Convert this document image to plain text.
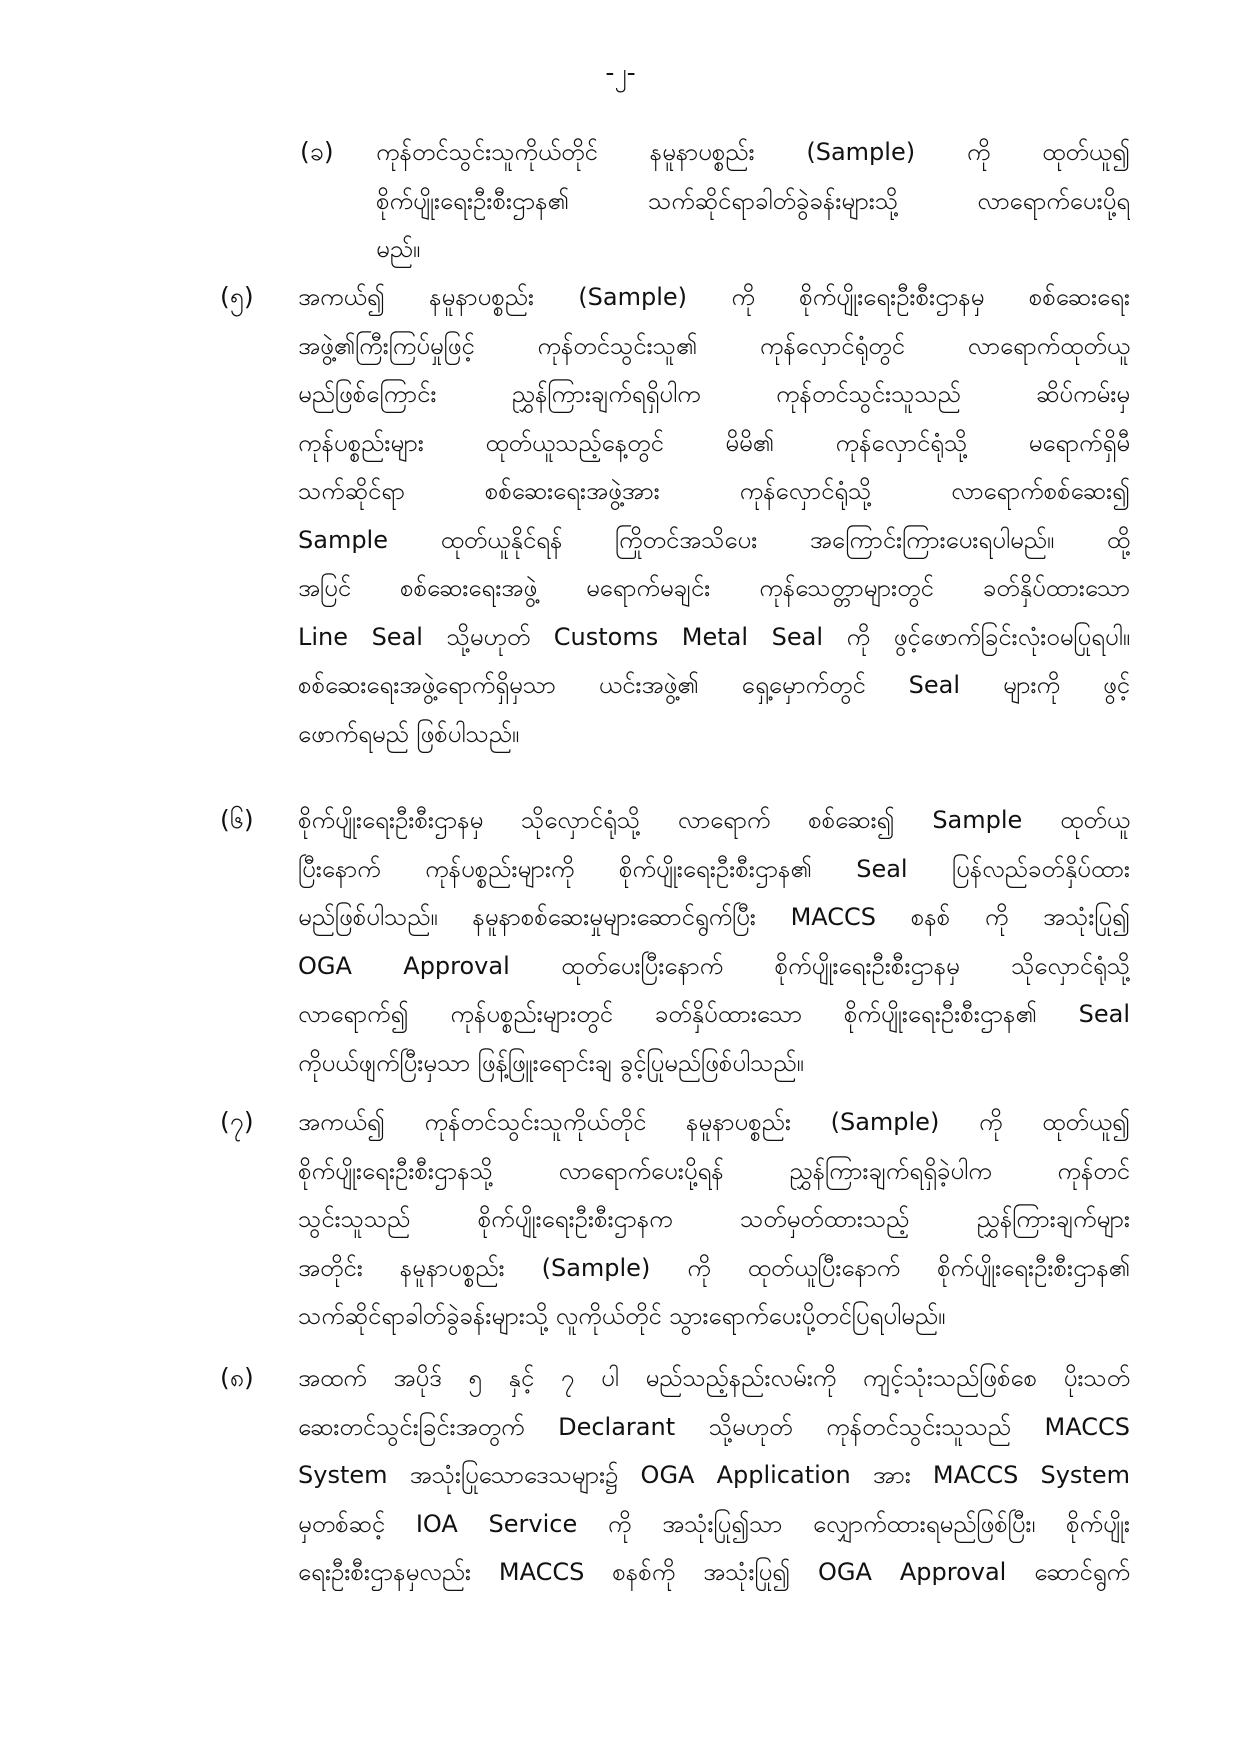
-၂-
(ခ) ကုန်တင်သွင်းသူကိုယ်တိုင် နမူနာပစ္စည်း (Sample) ကို ထုတ်ယူ၍
စိုက်ပျိုးရေးဦးစီးဌာန၏ သက်ဆိုင်ရာခါတ်ခွဲခန်းများသို့ လာရောက်ပေးပို့ရ
မည်။
(၅) အကယ်၍ နမူနာပစ္စည်း (Sample) ကို စိုက်ပျိုးရေးဦးစီးဌာနမှ စစ်ဆေးရေး
အဖွဲ့၏ကြီးကြပ်မှုဖြင့် ကုန်တင်သွင်းသူ၏ ကုန်လှောင်ရုံတွင် လာရောက်ထုတ်ယူ
မည်ဖြစ်ကြောင်း ညွှန်ကြားချက်ရရှိပါက ကုန်တင်သွင်းသူသည် ဆိပ်ကမ်းမှ
ကုန်ပစ္စည်းများ ထုတ်ယူသည့်နေ့တွင် မိမိ၏ ကုန်လှောင်ရုံသို့ မရောက်ရှိမီ
သက်ဆိုင်ရာ စစ်ဆေးရေးအဖွဲ့အား ကုန်လှောင်ရုံသို့ လာရောက်စစ်ဆေး၍
Sample ထုတ်ယူနိုင်ရန် ကြိုတင်အသိပေး အကြောင်းကြားပေးရပါမည်။ ထို့
အပြင် စစ်ဆေးရေးအဖွဲ့ မရောက်မချင်း ကုန်သေတ္တာများတွင် ခတ်နှိပ်ထားသော
Line Seal သို့မဟုတ် Customs Metal Seal ကို ဖွင့်ဖောက်ခြင်းလုံးဝမပြုရပါ။
စစ်ဆေးရေးအဖွဲ့ရောက်ရှိမှသာ ယင်းအဖွဲ့၏ ရှေ့မှောက်တွင် Seal များကို ဖွင့်
ဖောက်ရမည် ဖြစ်ပါသည်။
(၆) စိုက်ပျိုးရေးဦးစီးဌာနမှ သိုလှောင်ရုံသို့ လာရောက် စစ်ဆေး၍ Sample ထုတ်ယူ
ပြီးနောက် ကုန်ပစ္စည်းများကို စိုက်ပျိုးရေးဦးစီးဌာန၏ Seal ပြန်လည်ခတ်နှိပ်ထား
မည်ဖြစ်ပါသည်။ နမူနာစစ်ဆေးမှုများဆောင်ရွက်ပြီး MACCS စနစ် ကို အသုံးပြု၍
OGA Approval ထုတ်ပေးပြီးနောက် စိုက်ပျိုးရေးဦးစီးဌာနမှ သိုလှောင်ရုံသို့
လာရောက်၍ ကုန်ပစ္စည်းများတွင် ခတ်နှိပ်ထားသော စိုက်ပျိုးရေးဦးစီးဌာန၏ Seal
ကိုပယ်ဖျက်ပြီးမှသာ ဖြန့်ဖြူးရောင်းချ ခွင့်ပြုမည်ဖြစ်ပါသည်။
(၇) အကယ်၍ ကုန်တင်သွင်းသူကိုယ်တိုင် နမူနာပစ္စည်း (Sample) ကို ထုတ်ယူ၍
စိုက်ပျိုးရေးဦးစီးဌာနသို့ လာရောက်ပေးပို့ရန် ညွှန်ကြားချက်ရရှိခဲ့ပါက ကုန်တင်
သွင်းသူသည် စိုက်ပျိုးရေးဦးစီးဌာနက သတ်မှတ်ထားသည့် ညွှန်ကြားချက်များ
အတိုင်း နမူနာပစ္စည်း (Sample) ကို ထုတ်ယူပြီးနောက် စိုက်ပျိုးရေးဦးစီးဌာန၏
သက်ဆိုင်ရာခါတ်ခွဲခန်းများသို့ လူကိုယ်တိုင် သွားရောက်ပေးပို့တင်ပြရပါမည်။
(၈) အထက် အပိုဒ် ၅ နှင့် ၇ ပါ မည်သည့်နည်းလမ်းကို ကျင့်သုံးသည်ဖြစ်စေ ပိုးသတ်
ဆေးတင်သွင်းခြင်းအတွက် Declarant သို့မဟုတ် ကုန်တင်သွင်းသူသည် MACCS
System အသုံးပြုသောဒေသများ၌ OGA Application အား MACCS System
မှတစ်ဆင့် IOA Service ကို အသုံးပြု၍သာ လျှောက်ထားရမည်ဖြစ်ပြီး၊ စိုက်ပျိုး
ရေးဦးစီးဌာနမှလည်း MACCS စနစ်ကို အသုံးပြု၍ OGA Approval ဆောင်ရွက်
